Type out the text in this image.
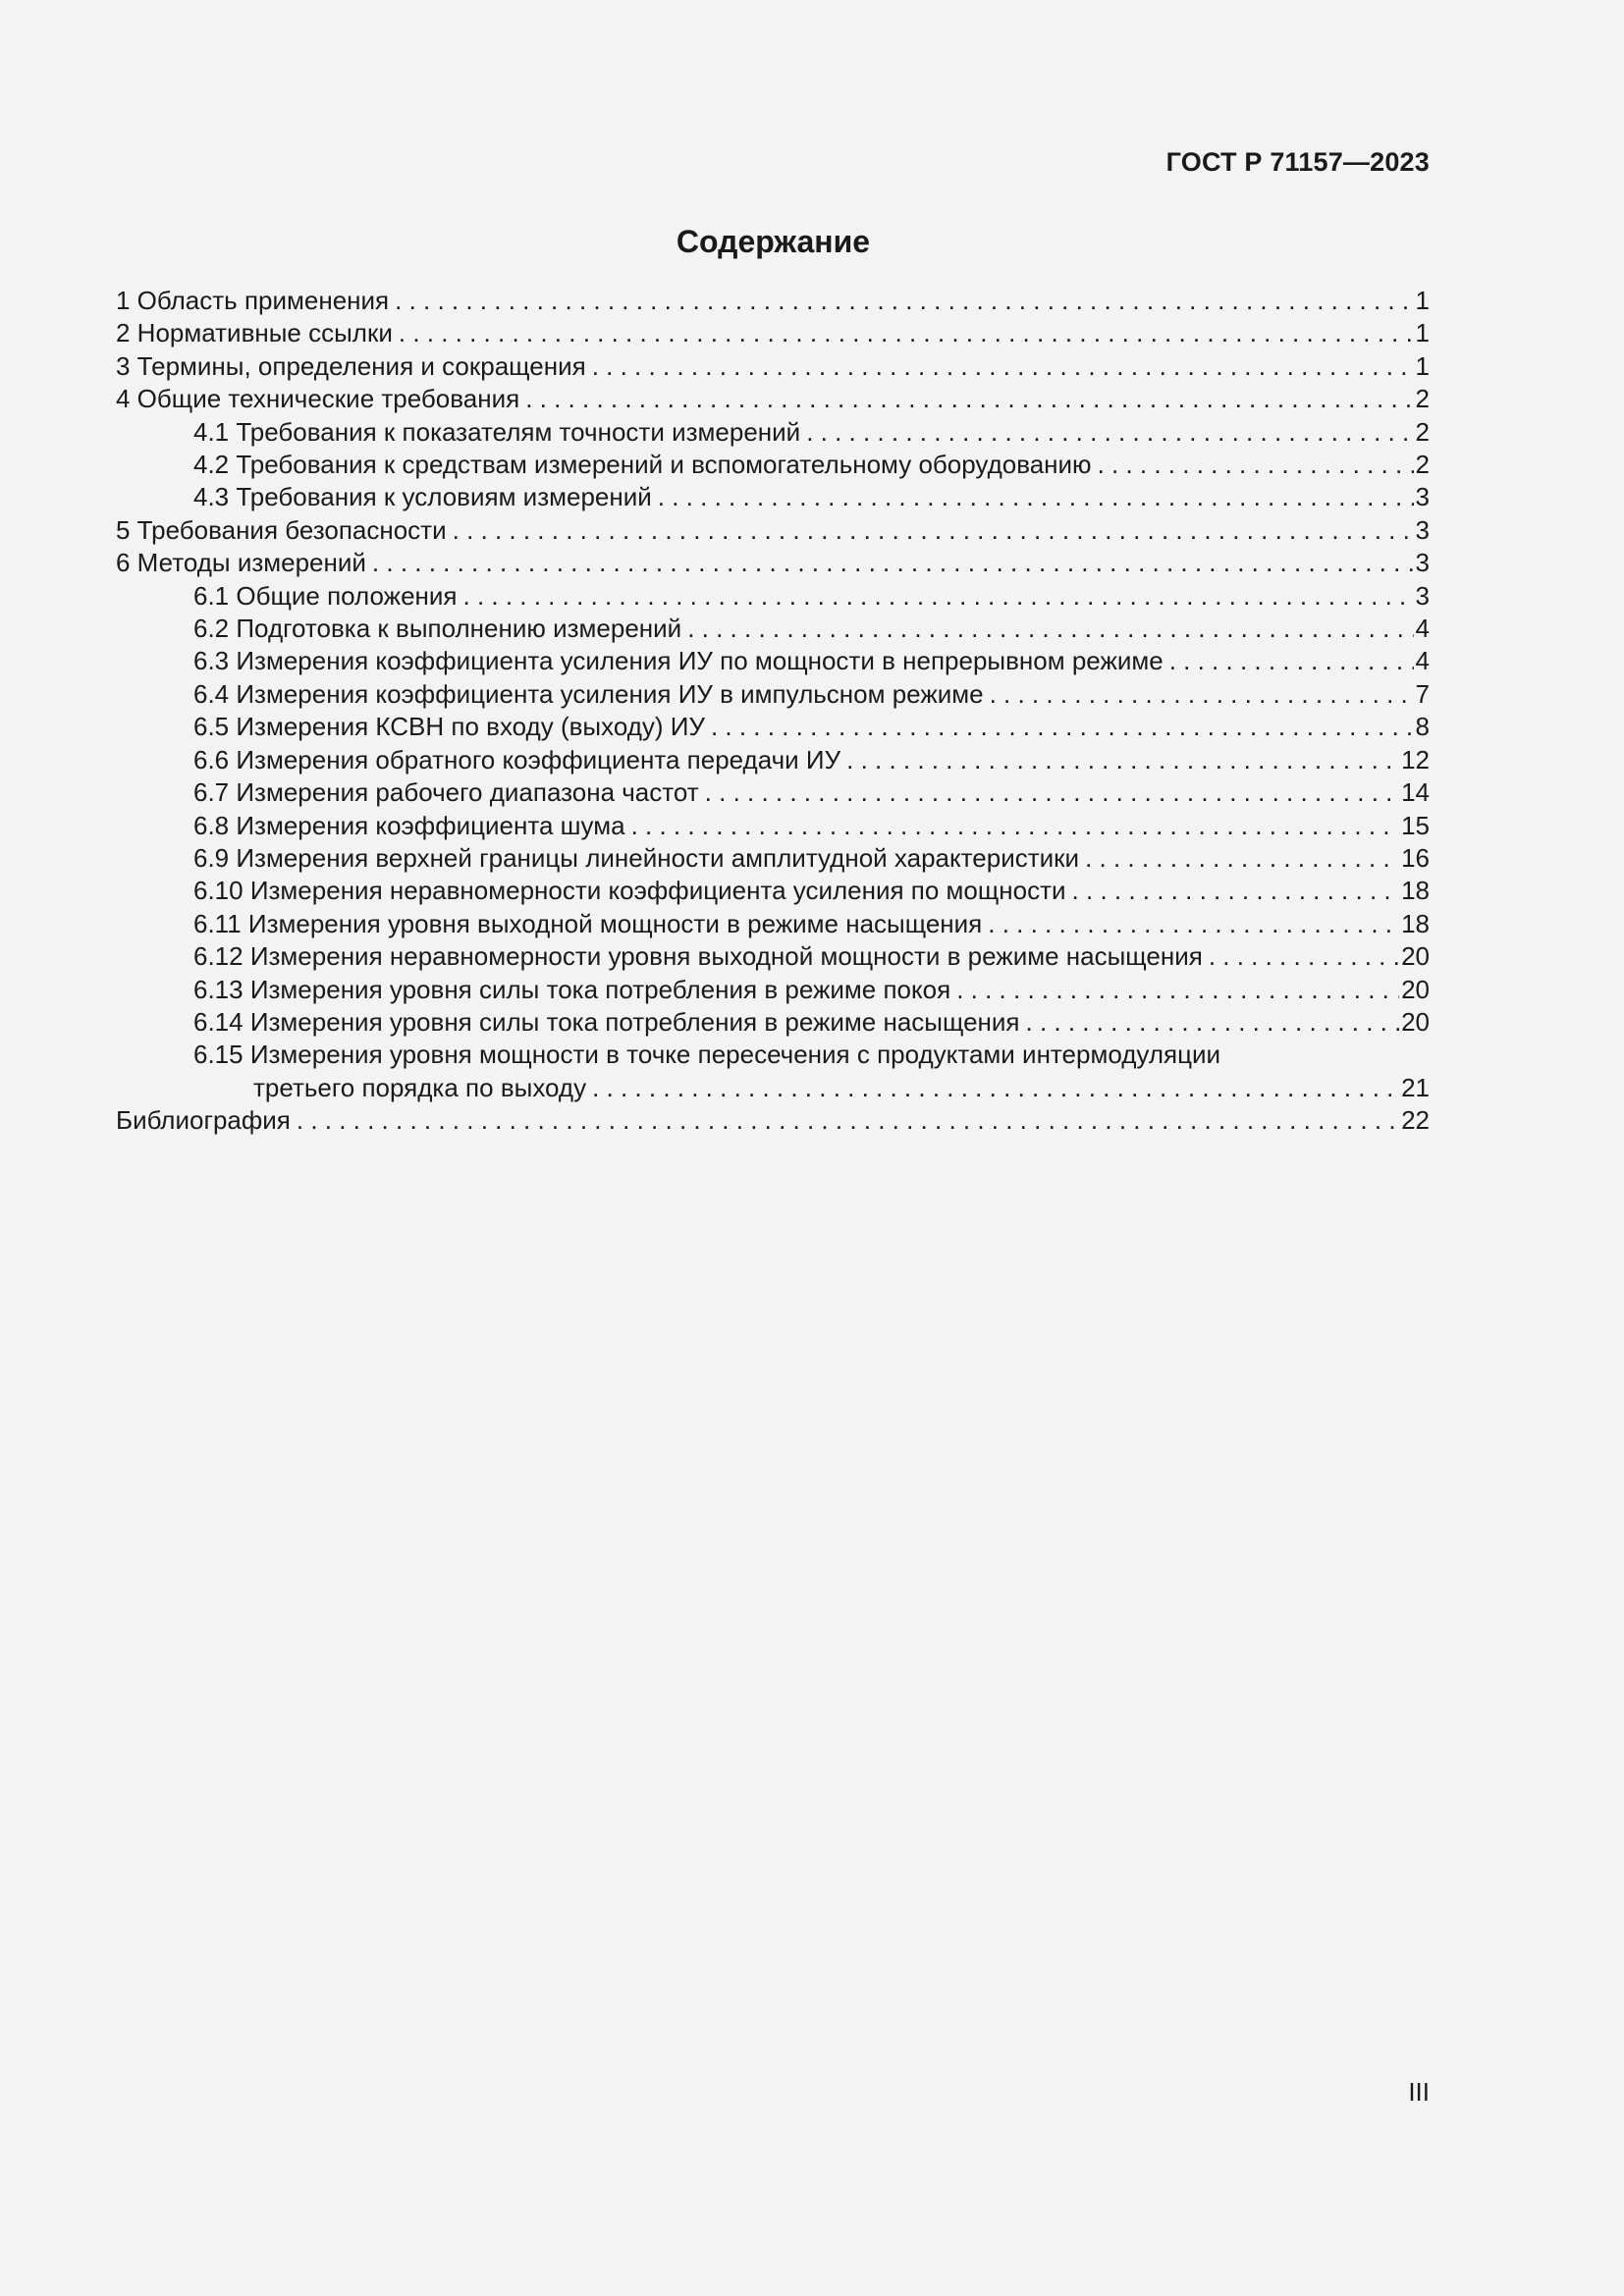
ГОСТ Р 71157—2023
Содержание
1 Область применения . . .	1
2 Нормативные ссылки . . .	1
3 Термины, определения и сокращения . . .	1
4 Общие технические требования . . .	2
4.1 Требования к показателям точности измерений . . .	2
4.2 Требования к средствам измерений и вспомогательному оборудованию . . .	2
4.3 Требования к условиям измерений . . .	3
5 Требования безопасности . . .	3
6 Методы измерений . . .	3
6.1 Общие положения . . .	3
6.2 Подготовка к выполнению измерений . . .	4
6.3 Измерения коэффициента усиления ИУ по мощности в непрерывном режиме . . .	4
6.4 Измерения коэффициента усиления ИУ в импульсном режиме . . .	7
6.5 Измерения КСВН по входу (выходу) ИУ . . .	8
6.6 Измерения обратного коэффициента передачи ИУ . . .	12
6.7 Измерения рабочего диапазона частот . . .	14
6.8 Измерения коэффициента шума . . .	15
6.9 Измерения верхней границы линейности амплитудной характеристики . . .	16
6.10 Измерения неравномерности коэффициента усиления по мощности . . .	18
6.11 Измерения уровня выходной мощности в режиме насыщения . . .	18
6.12 Измерения неравномерности уровня выходной мощности в режиме насыщения . . .	20
6.13 Измерения уровня силы тока потребления в режиме покоя . . .	20
6.14 Измерения уровня силы тока потребления в режиме насыщения . . .	20
6.15 Измерения уровня мощности в точке пересечения с продуктами интермодуляции
третьего порядка по выходу . . .	21
Библиография . . .	22
III
